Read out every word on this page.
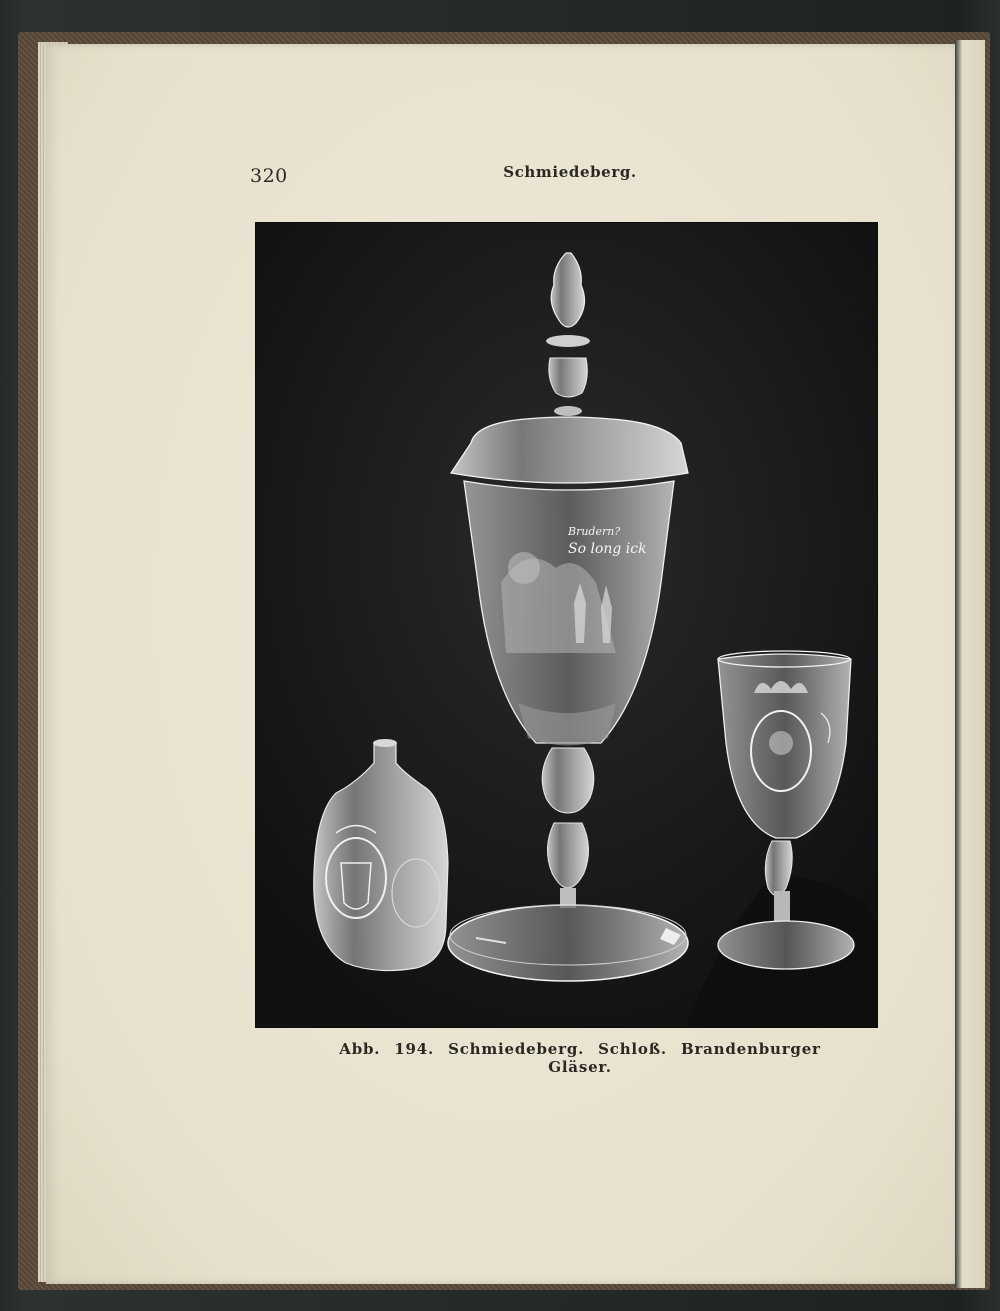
320	Schmiedeberg.
Brudern?
So long ick
Abb. 194. Schmiedeberg. Schloß. Brandenburger Gläser.
